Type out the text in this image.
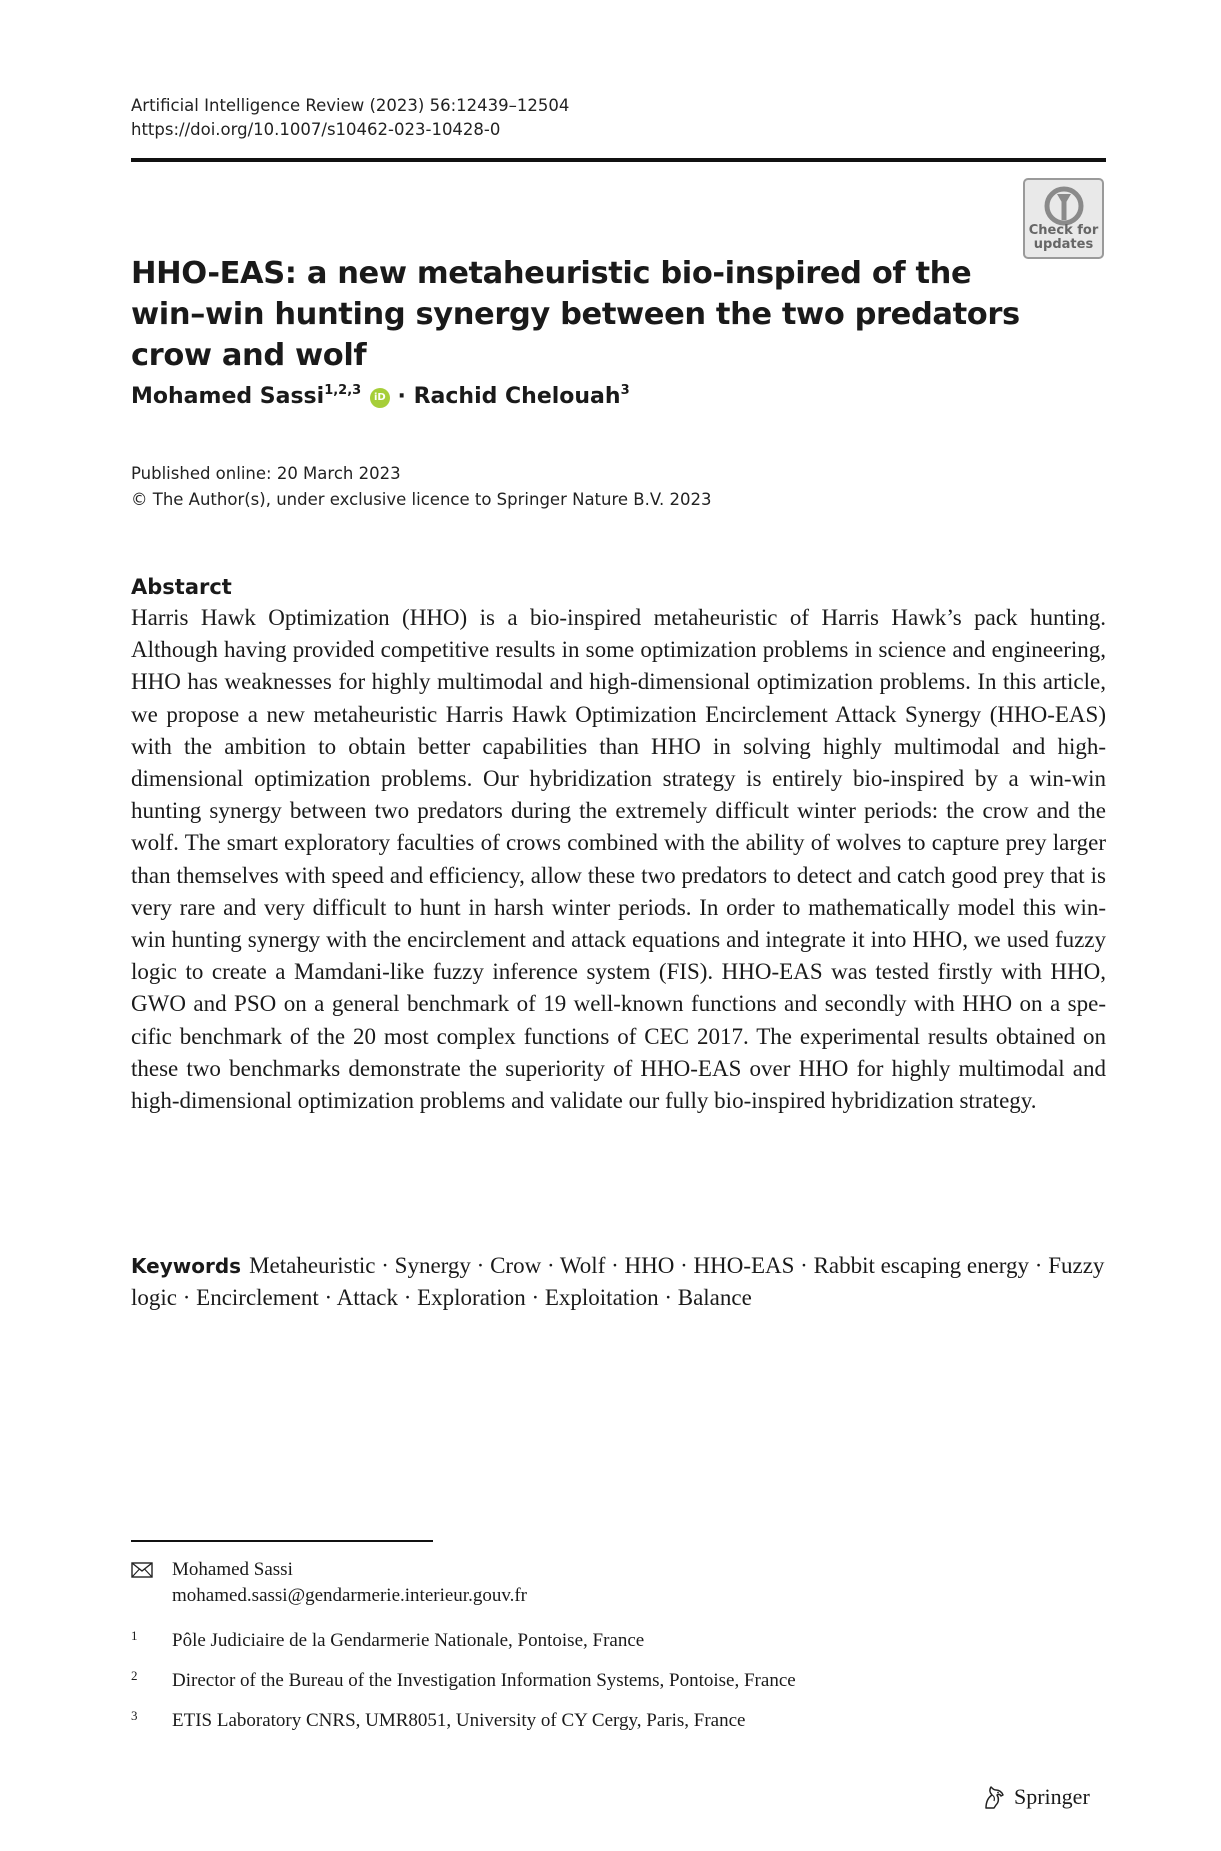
Artificial Intelligence Review (2023) 56:12439–12504
https://doi.org/10.1007/s10462-023-10428-0
Check for
updates
HHO-EAS: a new metaheuristic bio-inspired of the win–win hunting synergy between the two predators crow and wolf
Mohamed Sassi$^{1,2,3}$ iD · Rachid Chelouah$^3$
Published online: 20 March 2023
© The Author(s), under exclusive licence to Springer Nature B.V. 2023
Abstarct

Harris Hawk Optimization (HHO) is a bio-inspired metaheuristic of Harris Hawk’s pack hunting. Although having provided competitive results in some optimization problems in science and engineering, HHO has weaknesses for highly multimodal and high-dimensional optimization problems. In this article, we propose a new metaheuristic Harris Hawk Optimization Encirclement Attack Synergy (HHO-EAS) with the ambition to obtain better capabilities than HHO in solving highly multimodal and high-dimensional optimization problems. Our hybridization strategy is entirely bio-inspired by a win-win hunting synergy between two predators during the extremely difficult winter periods: the crow and the wolf. The smart exploratory faculties of crows combined with the ability of wolves to capture prey larger than themselves with speed and efficiency, allow these two predators to detect and catch good prey that is very rare and very difficult to hunt in harsh winter periods. In order to mathematically model this win-win hunting synergy with the encirclement and attack equations and integrate it into HHO, we used fuzzy logic to create a Mamdani-like fuzzy inference system (FIS). HHO-EAS was tested firstly with HHO, GWO and PSO on a general benchmark of 19 well-known functions and secondly with HHO on a specific benchmark of the 20 most complex functions of CEC 2017. The experimental results obtained on these two benchmarks demonstrate the superiority of HHO-EAS over HHO for highly multimodal and high-dimensional optimization problems and validate our fully bio-inspired hybridization strategy.

Keywords Metaheuristic · Synergy · Crow · Wolf · HHO · HHO-EAS · Rabbit escaping energy · Fuzzy logic · Encirclement · Attack · Exploration · Exploitation · Balance

Mohamed Sassi
mohamed.sassi@gendarmerie.interieur.gouv.fr
1 Pôle Judiciaire de la Gendarmerie Nationale, Pontoise, France
2 Director of the Bureau of the Investigation Information Systems, Pontoise, France
3 ETIS Laboratory CNRS, UMR8051, University of CY Cergy, Paris, France
Springer
